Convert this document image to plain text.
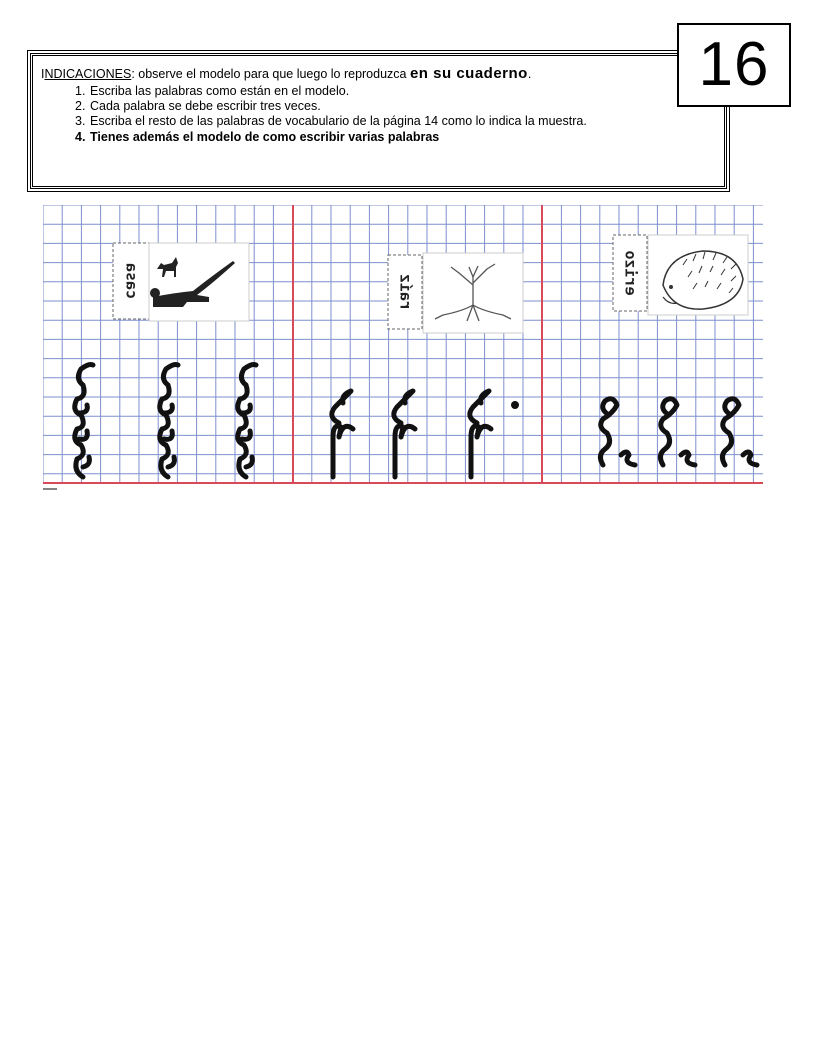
INDICACIONES: observe el modelo para que luego lo reproduzca en su cuaderno.

1. Escriba las palabras como están en el modelo.
2. Cada palabra se debe escribir tres veces.
3. Escriba el resto de las palabras de vocabulario de la página 14 como lo indica la muestra.
4. Tienes además el modelo de como escribir varias palabras
16
casa	raíz	erizo
